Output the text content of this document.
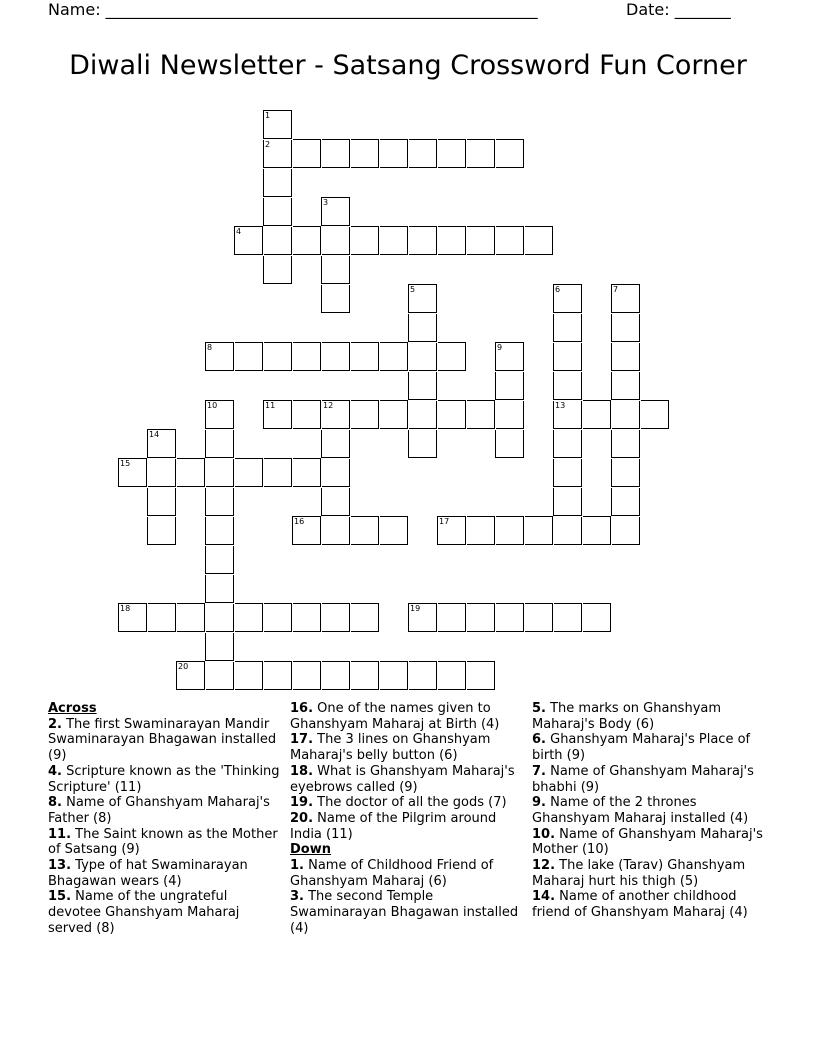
Name: ______________________________________________________	Date: _______
Diwali Newsletter - Satsang Crossword Fun Corner
1
2
3
4
5	6
13
7
8	9
10	11	12
14
15
16	17
18	19
20
Across
2. The first Swaminarayan Mandir Swaminarayan Bhagawan installed (9)
4. Scripture known as the 'Thinking Scripture' (11)
8. Name of Ghanshyam Maharaj's Father (8)
11. The Saint known as the Mother of Satsang (9)
13. Type of hat Swaminarayan Bhagawan wears (4)
15. Name of the ungrateful devotee Ghanshyam Maharaj served (8)
16. One of the names given to Ghanshyam Maharaj at Birth (4)
17. The 3 lines on Ghanshyam Maharaj's belly button (6)
18. What is Ghanshyam Maharaj's eyebrows called (9)
19. The doctor of all the gods (7)
20. Name of the Pilgrim around India (11)
Down
1. Name of Childhood Friend of Ghanshyam Maharaj (6)
3. The second Temple Swaminarayan Bhagawan installed (4)
5. The marks on Ghanshyam Maharaj's Body (6)
6. Ghanshyam Maharaj's Place of birth (9)
7. Name of Ghanshyam Maharaj's bhabhi (9)
9. Name of the 2 thrones Ghanshyam Maharaj installed (4)
10. Name of Ghanshyam Maharaj's Mother (10)
12. The lake (Tarav) Ghanshyam Maharaj hurt his thigh (5)
14. Name of another childhood friend of Ghanshyam Maharaj (4)
